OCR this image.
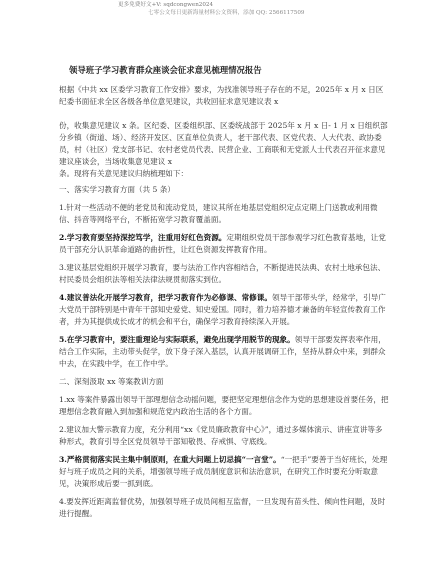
更多免费好文+V: sqdcongwen2024
七零公文每日更新海量材料公文资料，添加 QQ: 2566117509
领导班子学习教育群众座谈会征求意见梳理情况报告
根据《中共 xx 区委学习教育工作安排》要求，为找准领导班子存在的不足，2025年 x 月 x 日区纪委书面征求全区各级各单位意见建议，共收回征求意见建议表 x
份，收集意见建议 x 条。区纪委、区委组织部、区委统战部于 2025年 x 月 x 日- 1 月 x 日组织部分乡镇（街道、场）、经济开发区、区直单位负责人，老干部代表、区党代表、人大代表、政协委员，村（社区）党支部书记、农村老党员代表、民营企业、工商联和无党派人士代表召开征求意见建议座谈会，当场收集意见建议 x
条。现将有关意见建议归纳梳理如下：
一、落实学习教育方面（共 5 条）
1.针对一些活动不便的老党员和流动党员，建议其所在地基层党组织定点定期上门送教或利用微信、抖音等网络平台，不断拓宽学习教育覆盖面。
2.学习教育要坚持深挖笃学，注重用好红色资源。定期组织党员干部参观学习红色教育基地，让党员干部充分认识革命道路的曲折性，让红色资源发挥教育作用。
3.建议基层党组织开展学习教育，要与法治工作内容相结合，不断提进民法典、农村土地承包法、村民委员会组织法等相关法律法规贯彻落实到位。
4.建议普法化开展学习教育，把学习教育作为必修课、常修课。领导干部带头学，经常学，引导广大党员干部特别是中青年干部知史爱党、知史爱国。同时，着力培养德才兼备的年轻宣传教育工作者，并为其提供成长成才的机会和平台，确保学习教育持续深入开展。
5.在学习教育中，要注重理论与实际联系，避免出现学用脱节的现象。领导干部要发挥表率作用，结合工作实际，主动带头促学，放下身子深入基层，认真开展调研工作，坚持从群众中来，到群众中去，在实践中学，在工作中学。
二、深刻汲取 xx 等案教训方面
1.xx 等案件暴露出领导干部理想信念动摇问题，要把坚定理想信念作为党的思想建设首要任务，把理想信念教育融入到加强和规范党内政治生活的各个方面。
2.建议加大警示教育力度，充分利用“xx《党员廉政教育中心》”，通过多媒体演示、讲座宣讲等多种形式，教育引导全区党员领导干部知敬畏、存戒惧、守底线。
3.严格贯彻落实民主集中制原则，在重大问题上切忌搞“一言堂”。“一把手”要善于当好班长，处理好与班子成员之间的关系，增强领导班子成员制度意识和法治意识，在研究工作时要充分听取意见，决策形成后要一抓到底。
4.要发挥近距离监督优势，加强领导班子成员间相互监督，一旦发现有苗头性、倾向性问题，及时进行提醒。
